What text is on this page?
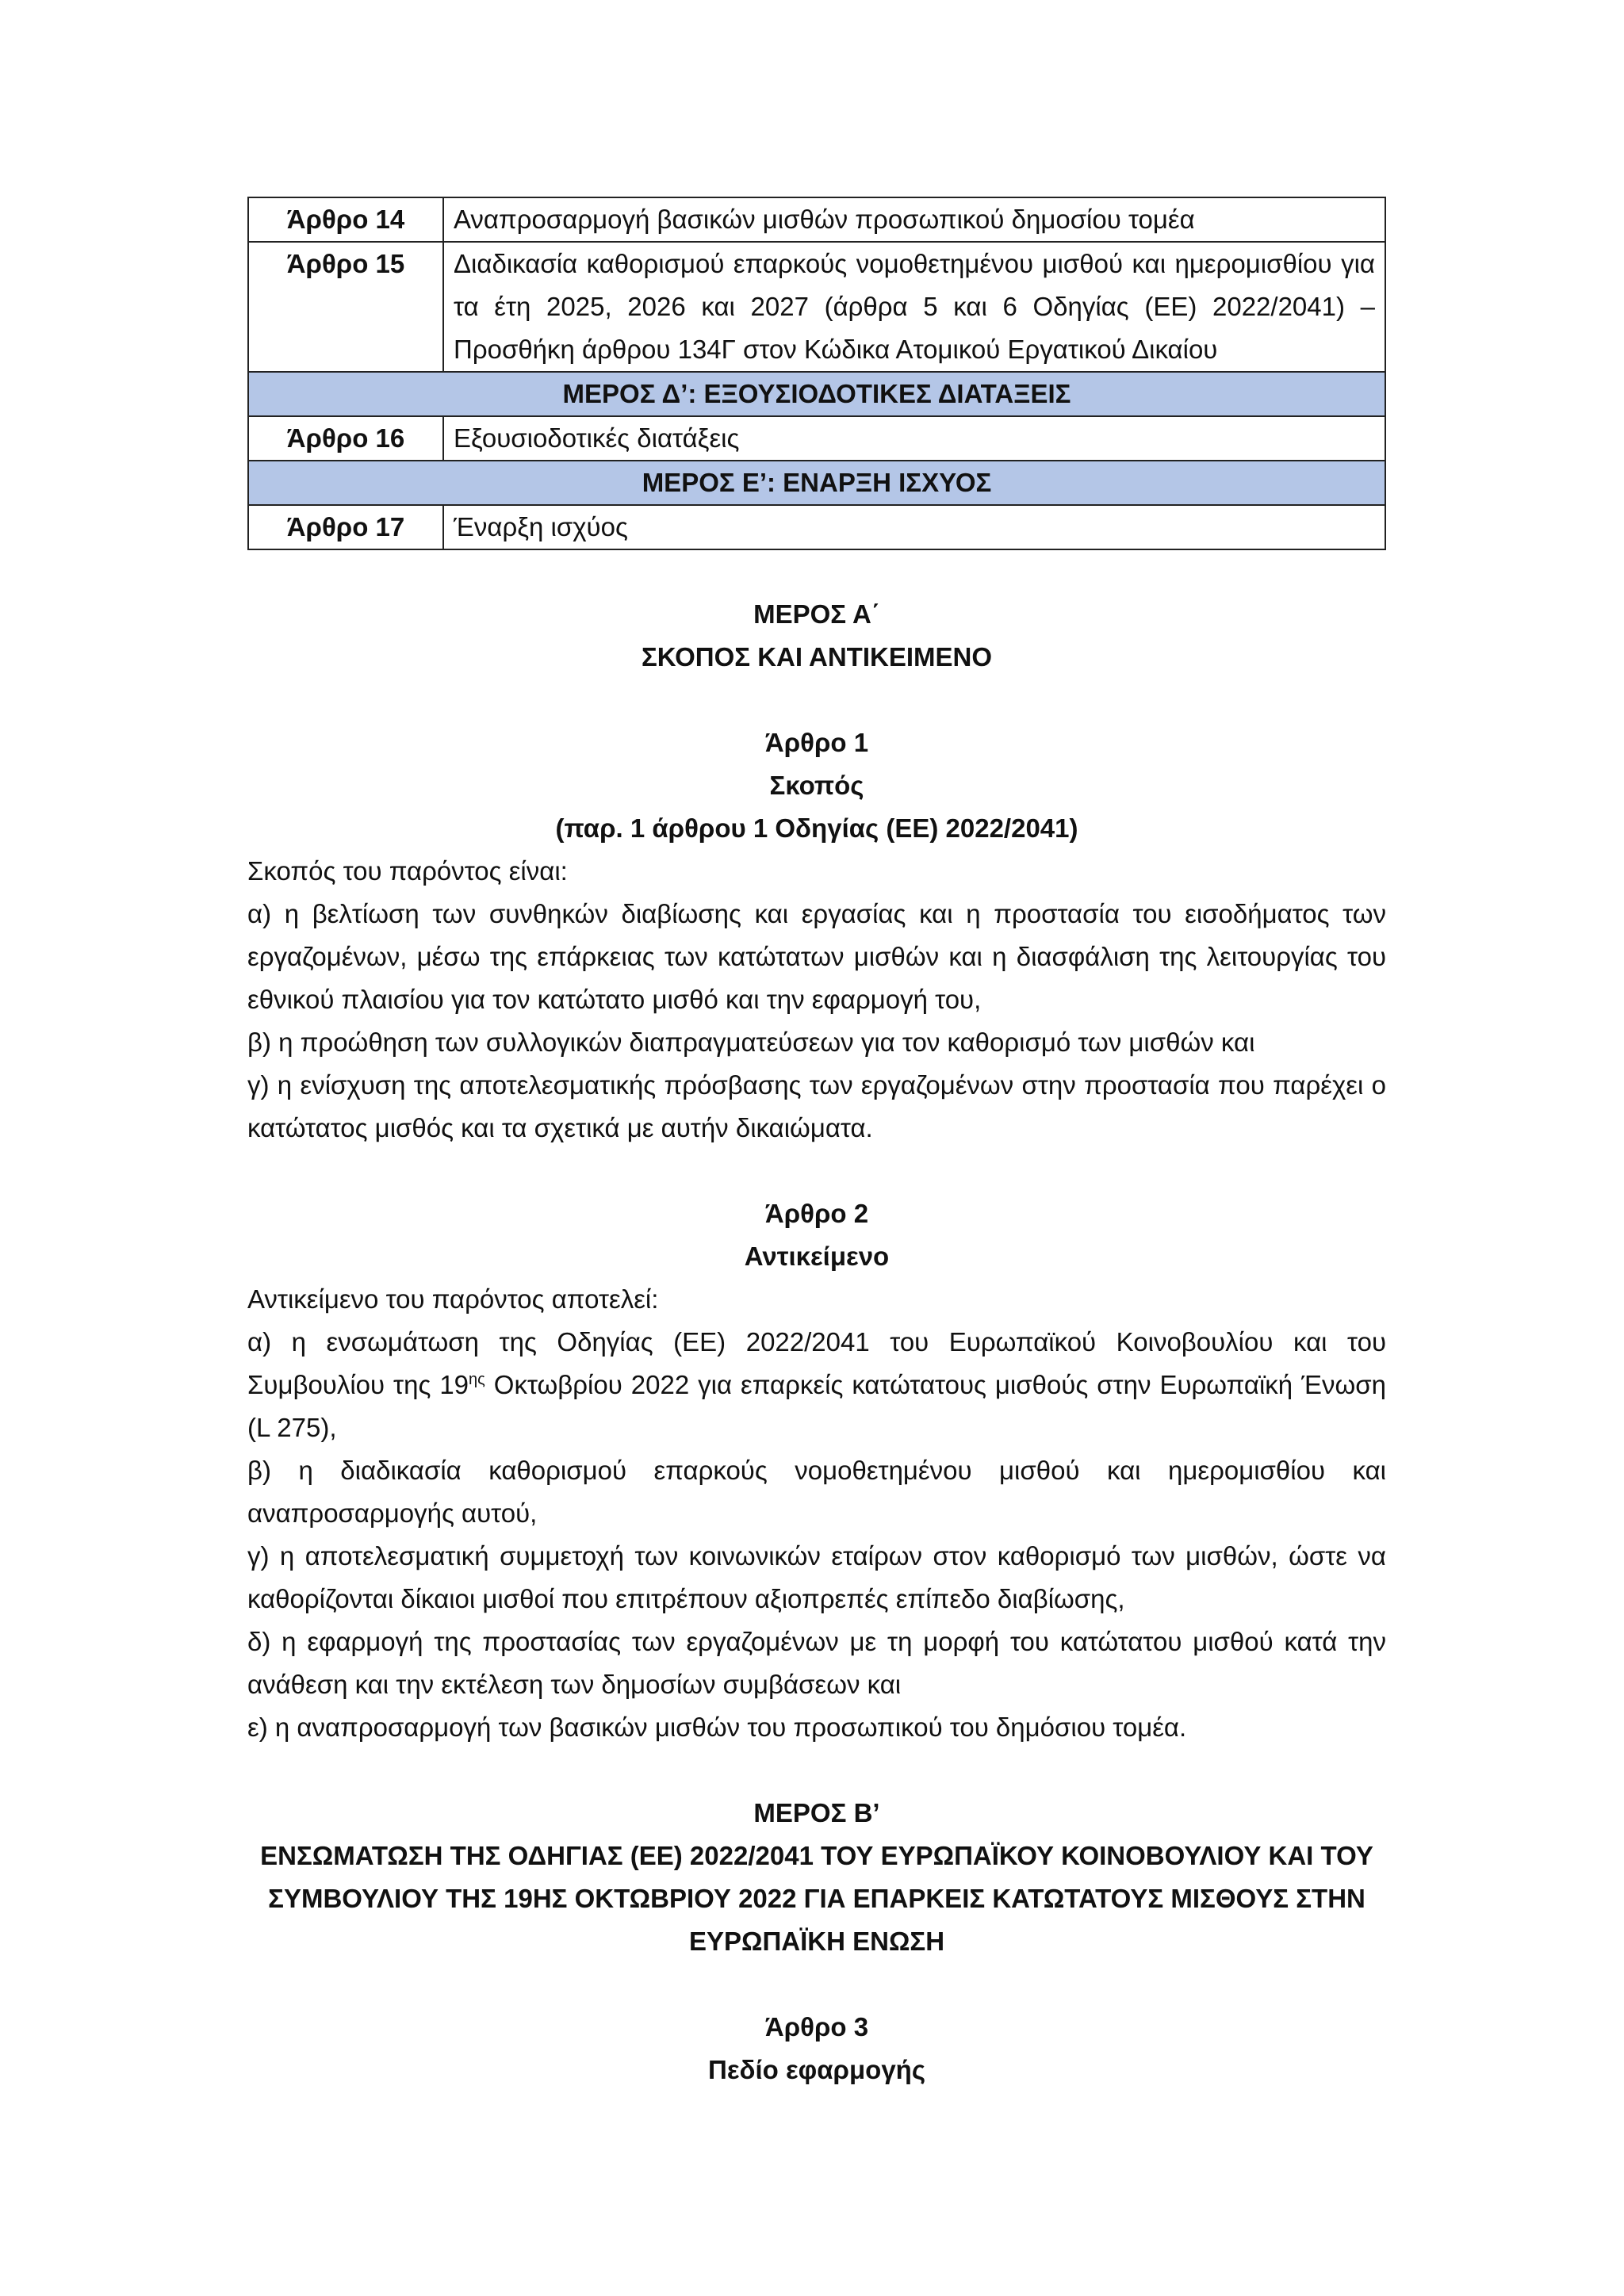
Άρθρο 14	Αναπροσαρμογή βασικών μισθών προσωπικού δημοσίου τομέα
Άρθρο 15	Διαδικασία καθορισμού επαρκούς νομοθετημένου μισθού και ημερομισθίου για τα έτη 2025, 2026 και 2027 (άρθρα 5 και 6 Οδηγίας (ΕΕ) 2022/2041) – Προσθήκη άρθρου 134Γ στον Κώδικα Ατομικού Εργατικού Δικαίου
ΜΕΡΟΣ Δ’: ΕΞΟΥΣΙΟΔΟΤΙΚΕΣ ΔΙΑΤΑΞΕΙΣ	
Άρθρο 16	Εξουσιοδοτικές διατάξεις
ΜΕΡΟΣ Ε’: ΕΝΑΡΞΗ ΙΣΧΥΟΣ	
Άρθρο 17	Έναρξη ισχύος
ΜΕΡΟΣ Α΄
ΣΚΟΠΟΣ ΚΑΙ ΑΝΤΙΚΕΙΜΕΝΟ
Άρθρο 1
Σκοπός
(παρ. 1 άρθρου 1 Οδηγίας (ΕΕ) 2022/2041)
Σκοπός του παρόντος είναι:
α) η βελτίωση των συνθηκών διαβίωσης και εργασίας και η προστασία του εισοδήματος των εργαζομένων, μέσω της επάρκειας των κατώτατων μισθών και η διασφάλιση της λειτουργίας του εθνικού πλαισίου για τον κατώτατο μισθό και την εφαρμογή του,
β) η προώθηση των συλλογικών διαπραγματεύσεων για τον καθορισμό των μισθών και
γ) η ενίσχυση της αποτελεσματικής πρόσβασης των εργαζομένων στην προστασία που παρέχει ο κατώτατος μισθός και τα σχετικά με αυτήν δικαιώματα.
Άρθρο 2
Αντικείμενο
Αντικείμενο του παρόντος αποτελεί:
α) η ενσωμάτωση της Οδηγίας (ΕΕ) 2022/2041 του Ευρωπαϊκού Κοινοβουλίου και του Συμβουλίου της $19^{\eta\varsigma}$ Οκτωβρίου 2022 για επαρκείς κατώτατους μισθούς στην Ευρωπαϊκή Ένωση (L 275),
β) η διαδικασία καθορισμού επαρκούς νομοθετημένου μισθού και ημερομισθίου και αναπροσαρμογής αυτού,
γ) η αποτελεσματική συμμετοχή των κοινωνικών εταίρων στον καθορισμό των μισθών, ώστε να καθορίζονται δίκαιοι μισθοί που επιτρέπουν αξιοπρεπές επίπεδο διαβίωσης,
δ) η εφαρμογή της προστασίας των εργαζομένων με τη μορφή του κατώτατου μισθού κατά την ανάθεση και την εκτέλεση των δημοσίων συμβάσεων και
ε) η αναπροσαρμογή των βασικών μισθών του προσωπικού του δημόσιου τομέα.
ΜΕΡΟΣ Β’
ΕΝΣΩΜΑΤΩΣΗ ΤΗΣ ΟΔΗΓΙΑΣ (ΕΕ) 2022/2041 ΤΟΥ ΕΥΡΩΠΑΪΚΟΥ ΚΟΙΝΟΒΟΥΛΙΟΥ ΚΑΙ ΤΟΥ ΣΥΜΒΟΥΛΙΟΥ ΤΗΣ 19ΗΣ ΟΚΤΩΒΡΙΟΥ 2022 ΓΙΑ ΕΠΑΡΚΕΙΣ ΚΑΤΩΤΑΤΟΥΣ ΜΙΣΘΟΥΣ ΣΤΗΝ ΕΥΡΩΠΑΪΚΗ ΕΝΩΣΗ
Άρθρο 3
Πεδίο εφαρμογής
